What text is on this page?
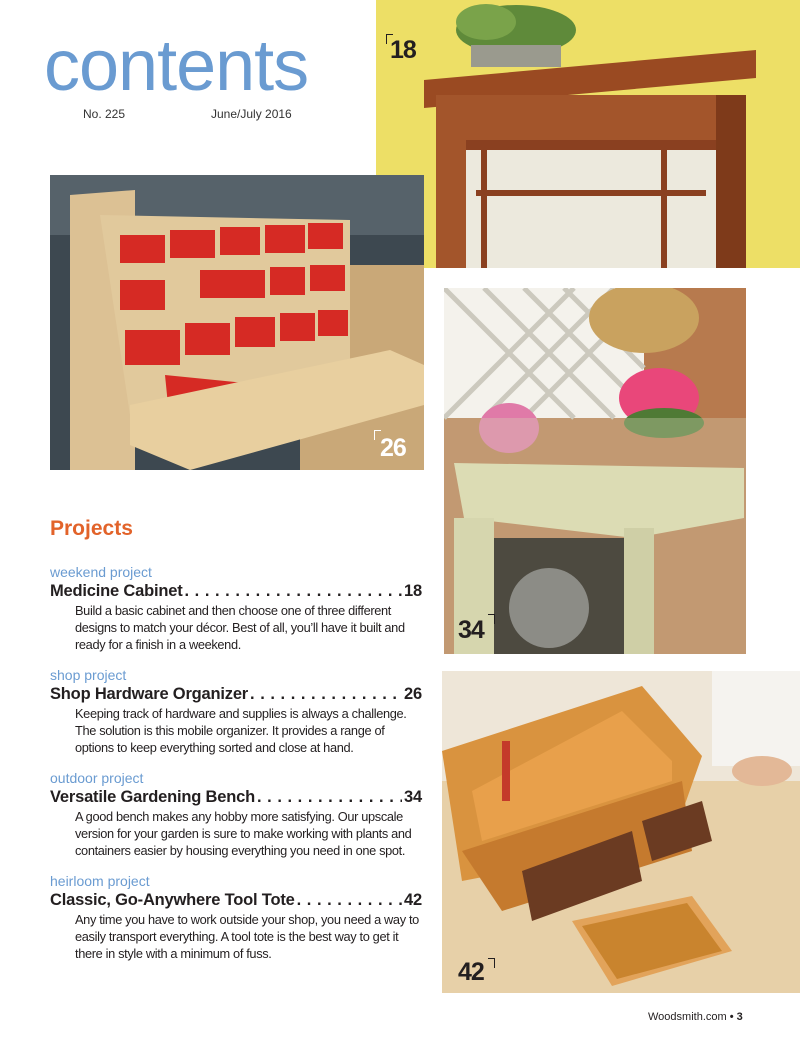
contents
No. 225	June/July 2016
18
26
34
42
Projects
weekend project
Medicine Cabinet . . .	18
Build a basic cabinet and then choose one of three different designs to match your décor. Best of all, you’ll have it built and ready for a finish in a weekend.
shop project
Shop Hardware Organizer . . .	26
Keeping track of hardware and supplies is always a challenge. The solution is this mobile organizer. It provides a range of options to keep everything sorted and close at hand.
outdoor project
Versatile Gardening Bench . . .	34
A good bench makes any hobby more satisfying. Our upscale version for your garden is sure to make working with plants and containers easier by housing everything you need in one spot.
heirloom project
Classic, Go-Anywhere Tool Tote . . .	42
Any time you have to work outside your shop, you need a way to easily transport everything. A tool tote is the best way to get it there in style with a minimum of fuss.
Woodsmith.com • 3
